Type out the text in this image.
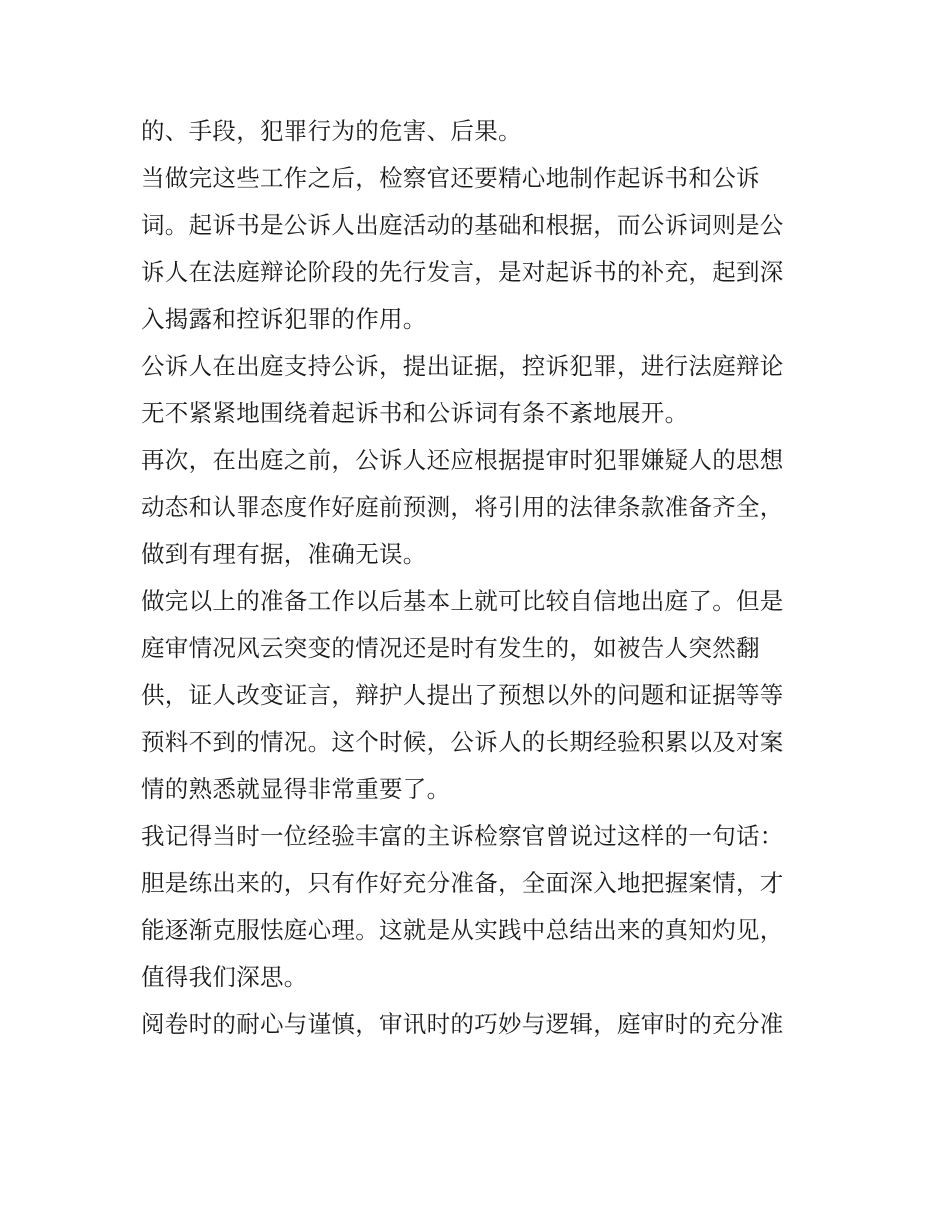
的、手段，犯罪行为的危害、后果。
当做完这些工作之后，检察官还要精心地制作起诉书和公诉
词。起诉书是公诉人出庭活动的基础和根据，而公诉词则是公
诉人在法庭辩论阶段的先行发言，是对起诉书的补充，起到深
入揭露和控诉犯罪的作用。
公诉人在出庭支持公诉，提出证据，控诉犯罪，进行法庭辩论
无不紧紧地围绕着起诉书和公诉词有条不紊地展开。
再次，在出庭之前，公诉人还应根据提审时犯罪嫌疑人的思想
动态和认罪态度作好庭前预测，将引用的法律条款准备齐全，
做到有理有据，准确无误。
做完以上的准备工作以后基本上就可比较自信地出庭了。但是
庭审情况风云突变的情况还是时有发生的，如被告人突然翻
供，证人改变证言，辩护人提出了预想以外的问题和证据等等
预料不到的情况。这个时候，公诉人的长期经验积累以及对案
情的熟悉就显得非常重要了。
我记得当时一位经验丰富的主诉检察官曾说过这样的一句话：
胆是练出来的，只有作好充分准备，全面深入地把握案情，才
能逐渐克服怯庭心理。这就是从实践中总结出来的真知灼见，
值得我们深思。
阅卷时的耐心与谨慎，审讯时的巧妙与逻辑，庭审时的充分准
